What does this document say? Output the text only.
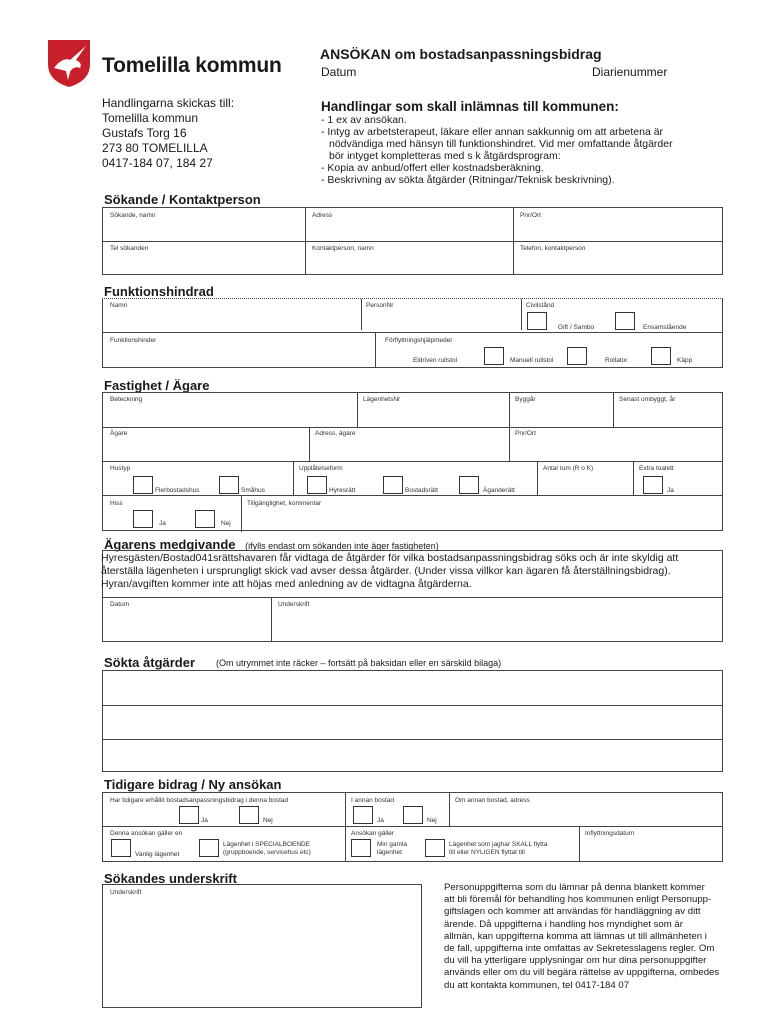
Tomelilla kommun	ANSÖKAN om bostadsanpassningsbidrag
Datum	Diarienummer
Handlingarna skickas till:
Tomelilla kommun
Gustafs Torg 16
273 80 TOMELILLA
0417-184 07, 184 27
Handlingar som skall inlämnas till kommunen:
- 1 ex av ansökan.
- Intyg av arbetsterapeut, läkare eller annan sakkunnig om att arbetena är
nödvändiga med hänsyn till funktionshindret. Vid mer omfattande åtgärder
bör intyget kompletteras med s k åtgärdsprogram:
- Kopia av anbud/offert eller kostnadsberäkning.
- Beskrivning av sökta åtgärder (Ritningar/Teknisk beskrivning).
Sökande / Kontaktperson
Sökande, namn	Adress	Pnr/Ort
Tel sökanden	Kontaktperson, namn	Telefon, kontaktperson
Funktionshindrad
Namn	PersonNr	Civilstånd
Gift / Sambo	Ensamstående
Funktionshinder	Förflyttningshjälpmedel
Eldriven rullstol	Manuell rullstol	Rollator	Käpp
Fastighet / Ägare
Beteckning	LägenhetsNr	Byggår	Senast ombyggt, år
Ägare	Adress, ägare	Pnr/Ort
Hustyp	Upplåtelseform	Antal rum (R o K)	Extra toalett
Flerbostadshus	Småhus	Hyresrätt	Bostadsrätt	Äganderätt	Ja
Hiss
Ja	Nej
Tillgänglighet, kommentar
Ägarens medgivande (ifylls endast om sökanden inte äger fastigheten)
Hyresgästen/Bostad041srättshavaren får vidtaga de åtgärder för vilka bostadsanpassningsbidrag söks och är inte skyldig att
återställa lägenheten i ursprungligt skick vad avser dessa åtgärder. (Under vissa villkor kan ägaren få återställningsbidrag).
Hyran/avgiften kommer inte att höjas med anledning av de vidtagna åtgärderna.
Datum	Underskrift
Sökta åtgärder (Om utrymmet inte räcker – fortsätt på baksidan eller en särskild bilaga)
Tidigare bidrag / Ny ansökan
Har tidigare erhållit bostadsanpassningsbidrag i denna bostad
Ja	Nej
I annan bostad
Ja	Nej
Om annan bostad, adress
Denna ansökan gäller en
Vanlig lägenhet
Lägenhet i SPECIALBOENDE
(gruppboende, servicehus etc)
Ansökan gäller
Min gamla
lägenhet
Lägenhet som jaghar SKALL flytta
till eller NYLIGEN flyttat till
Inflyttningsdatum
Sökandes underskrift
Underskrift	Personuppgifterna som du lämnar på denna blankett kommer
att bli föremål för behandling hos kommunen enligt Personupp-
giftslagen och kommer att användas för handläggning av ditt
ärende. Då uppgifterna i handling hos myndighet som är
allmän, kan uppgifterna komma att lämnas ut till allmänheten i
de fall, uppgifterna inte omfattas av Sekretesslagens regler. Om
du vill ha ytterligare upplysningar om hur dina personuppgifter
används eller om du vill begära rättelse av uppgifterna, ombedes
du att kontakta kommunen, tel 0417-184 07
